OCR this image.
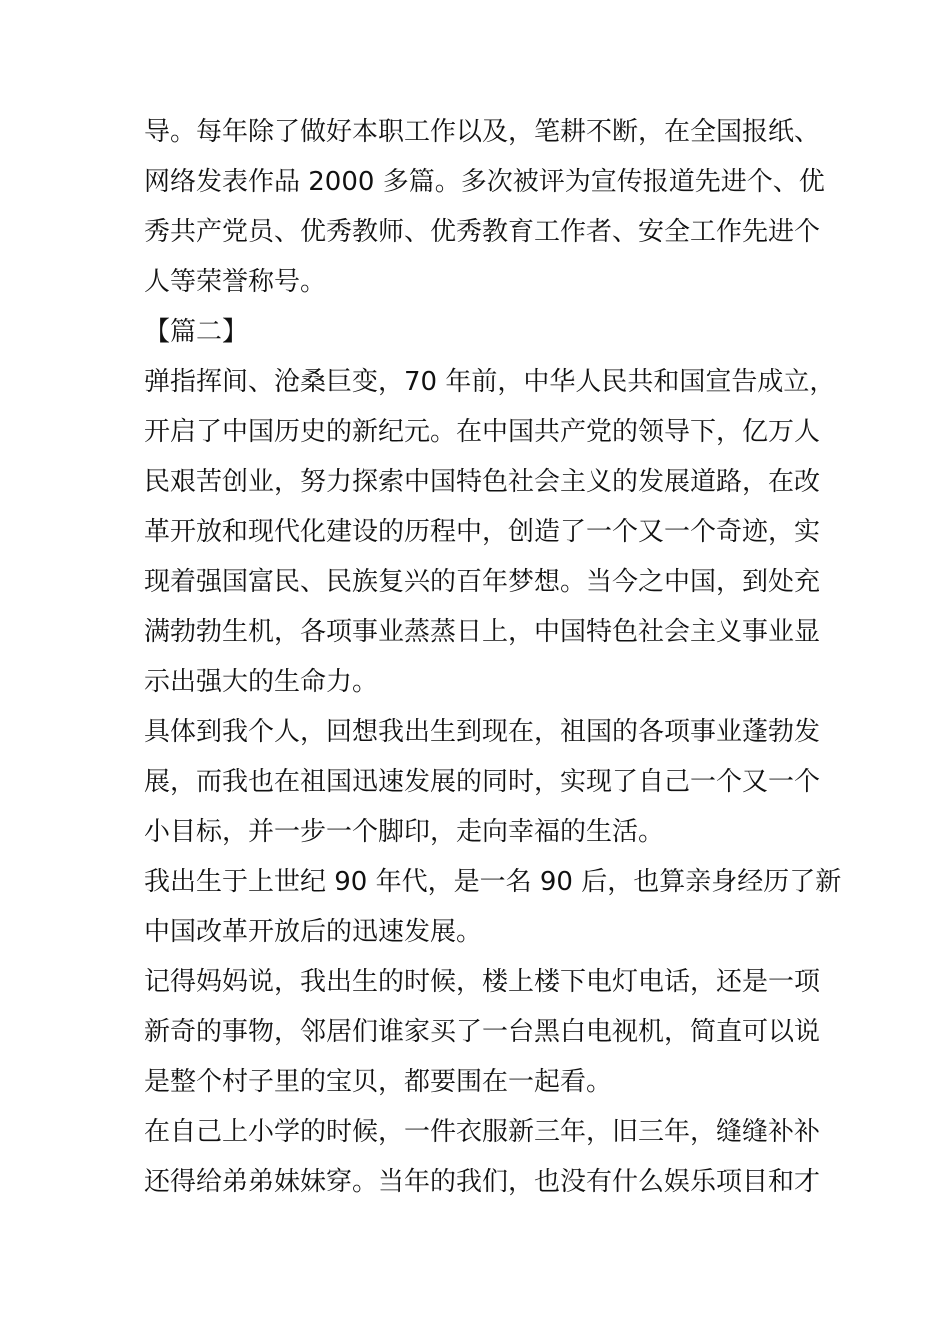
导。每年除了做好本职工作以及，笔耕不断，在全国报纸、
网络发表作品 2000 多篇。多次被评为宣传报道先进个、优
秀共产党员、优秀教师、优秀教育工作者、安全工作先进个
人等荣誉称号。
【篇二】
弹指挥间、沧桑巨变，70 年前，中华人民共和国宣告成立，
开启了中国历史的新纪元。在中国共产党的领导下，亿万人
民艰苦创业，努力探索中国特色社会主义的发展道路，在改
革开放和现代化建设的历程中，创造了一个又一个奇迹，实
现着强国富民、民族复兴的百年梦想。当今之中国，到处充
满勃勃生机，各项事业蒸蒸日上，中国特色社会主义事业显
示出强大的生命力。
具体到我个人，回想我出生到现在，祖国的各项事业蓬勃发
展，而我也在祖国迅速发展的同时，实现了自己一个又一个
小目标，并一步一个脚印，走向幸福的生活。
我出生于上世纪 90 年代，是一名 90 后，也算亲身经历了新
中国改革开放后的迅速发展。
记得妈妈说，我出生的时候，楼上楼下电灯电话，还是一项
新奇的事物，邻居们谁家买了一台黑白电视机，简直可以说
是整个村子里的宝贝，都要围在一起看。
在自己上小学的时候，一件衣服新三年，旧三年，缝缝补补
还得给弟弟妹妹穿。当年的我们，也没有什么娱乐项目和才
